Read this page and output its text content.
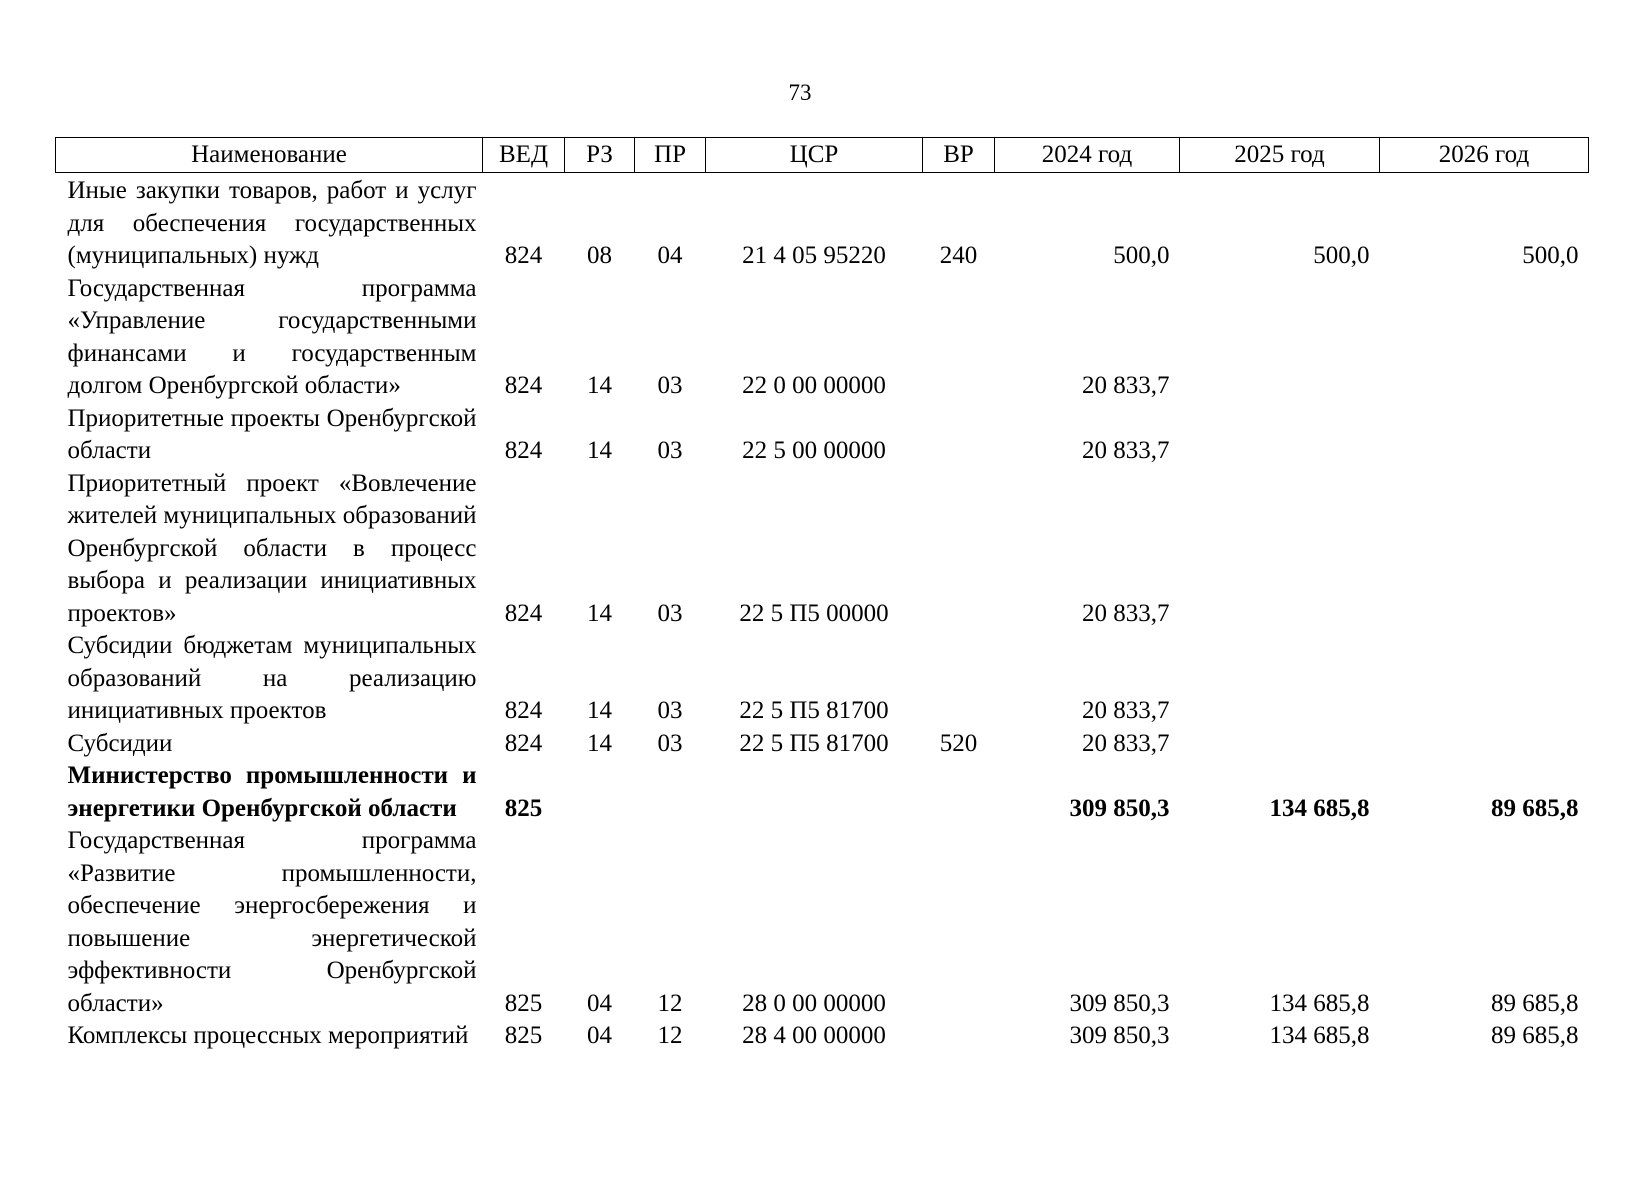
73
Наименование	ВЕД	РЗ	ПР	ЦСР	ВР	2024 год	2025 год	2026 год
Иные закупки товаров, работ и услуг для обеспечения государственных (муниципальных) нужд	824	08	04	21 4 05 95220	240	500,0	500,0	500,0
Государственная программа «Управление государственными финансами и государственным долгом Оренбургской области»	824	14	03	22 0 00 00000		20 833,7		
Приоритетные проекты Оренбургской области	824	14	03	22 5 00 00000		20 833,7		
Приоритетный проект «Вовлечение жителей муниципальных образований Оренбургской области в процесс выбора и реализации инициативных проектов»	824	14	03	22 5 П5 00000		20 833,7		
Субсидии бюджетам муниципальных образований на реализацию инициативных проектов	824	14	03	22 5 П5 81700		20 833,7		
Субсидии	824	14	03	22 5 П5 81700	520	20 833,7		
Министерство промышленности и энергетики Оренбургской области	825					309 850,3	134 685,8	89 685,8
Государственная программа «Развитие промышленности, обеспечение энергосбережения и повышение энергетической эффективности Оренбургской области»	825	04	12	28 0 00 00000		309 850,3	134 685,8	89 685,8
Комплексы процессных мероприятий	825	04	12	28 4 00 00000		309 850,3	134 685,8	89 685,8
